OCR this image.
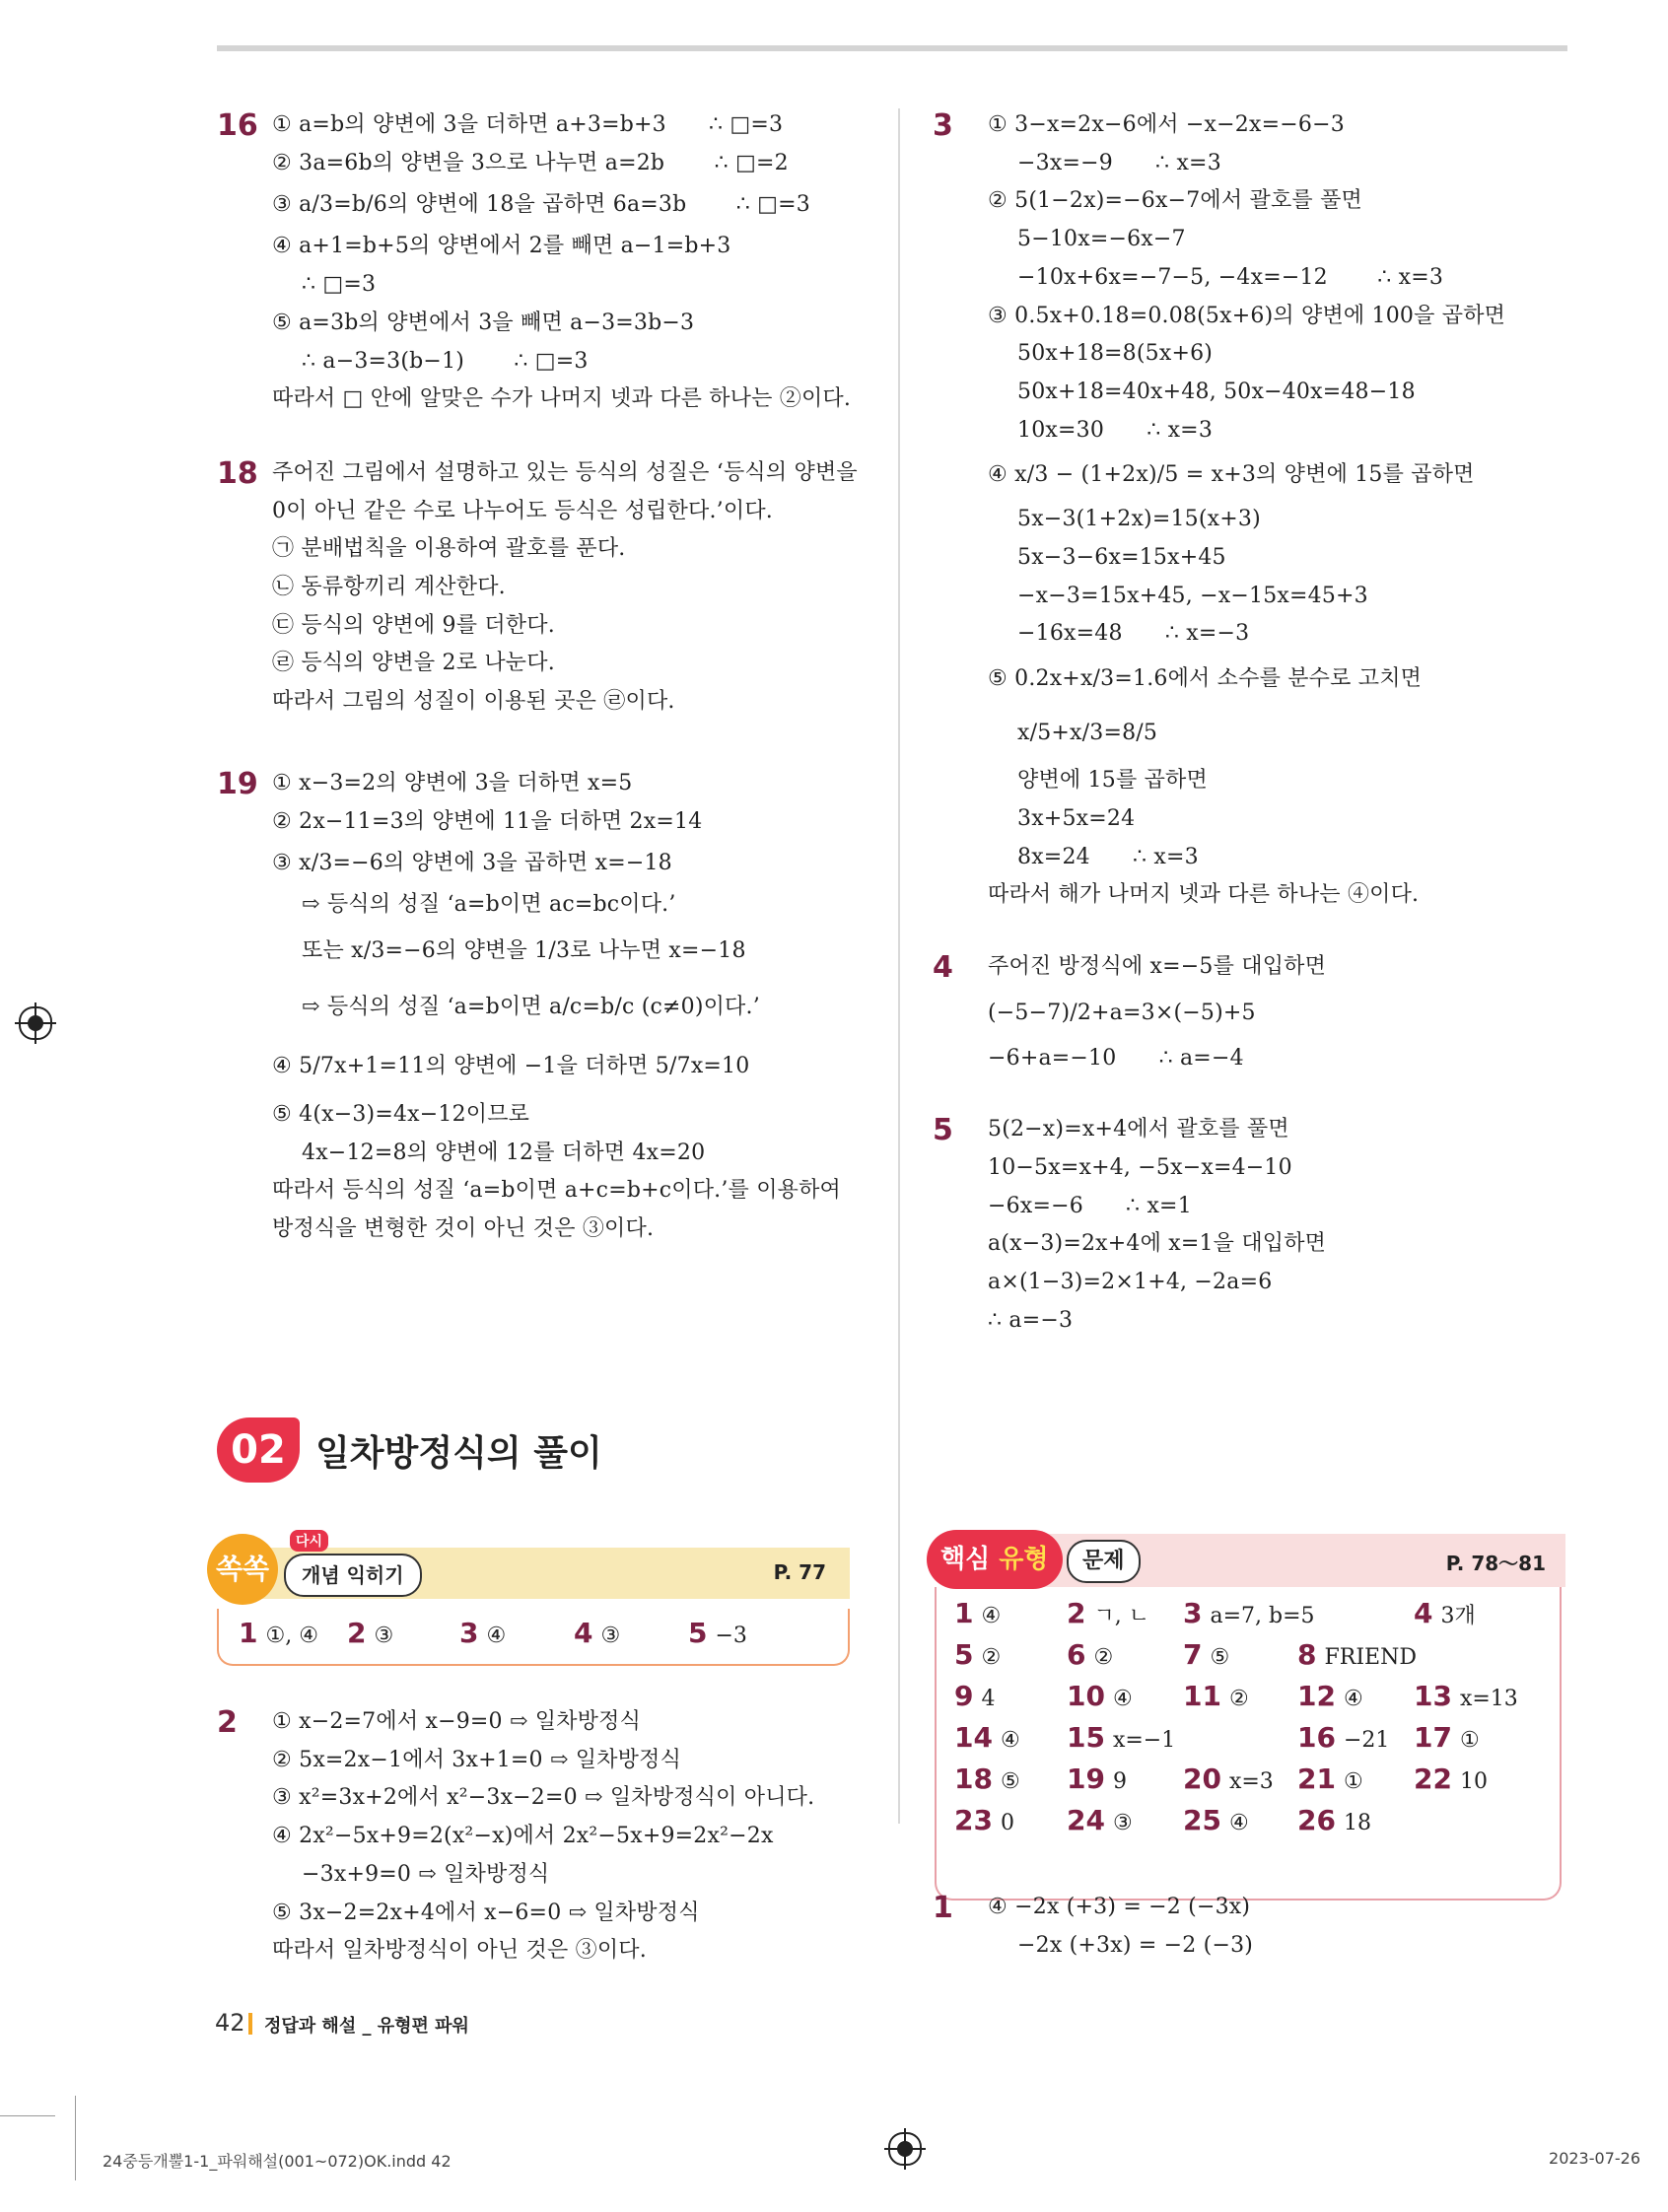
16 ① a=b의 양변에 3을 더하면 a+3=b+3      ∴ □=3
② 3a=6b의 양변을 3으로 나누면 a=2b       ∴ □=2
③ a/3=b/6의 양변에 18을 곱하면 6a=3b       ∴ □=3
④ a+1=b+5의 양변에서 2를 빼면 a−1=b+3
∴ □=3
⑤ a=3b의 양변에서 3을 빼면 a−3=3b−3
∴ a−3=3(b−1)       ∴ □=3
따라서 □ 안에 알맞은 수가 나머지 넷과 다른 하나는 ②이다.
18 주어진 그림에서 설명하고 있는 등식의 성질은 ‘등식의 양변을
0이 아닌 같은 수로 나누어도 등식은 성립한다.’이다.
㉠ 분배법칙을 이용하여 괄호를 푼다.
㉡ 동류항끼리 계산한다.
㉢ 등식의 양변에 9를 더한다.
㉣ 등식의 양변을 2로 나눈다.
따라서 그림의 성질이 이용된 곳은 ㉣이다.
19 ① x−3=2의 양변에 3을 더하면 x=5
② 2x−11=3의 양변에 11을 더하면 2x=14
③ x/3=−6의 양변에 3을 곱하면 x=−18
⇨ 등식의 성질 ‘a=b이면 ac=bc이다.’
또는 x/3=−6의 양변을 1/3로 나누면 x=−18
⇨ 등식의 성질 ‘a=b이면 a/c=b/c (c≠0)이다.’
④ 5/7x+1=11의 양변에 −1을 더하면 5/7x=10
⑤ 4(x−3)=4x−12이므로
4x−12=8의 양변에 12를 더하면 4x=20
따라서 등식의 성질 ‘a=b이면 a+c=b+c이다.’를 이용하여
방정식을 변형한 것이 아닌 것은 ③이다.
02 일차방정식의 풀이
쏙쏙
다시
개념 익히기	P. 77
1 ①, ④ 2 ③ 3 ④ 4 ③ 5 −3
2 ① x−2=7에서 x−9=0 ⇨ 일차방정식
② 5x=2x−1에서 3x+1=0 ⇨ 일차방정식
③ x²=3x+2에서 x²−3x−2=0 ⇨ 일차방정식이 아니다.
④ 2x²−5x+9=2(x²−x)에서 2x²−5x+9=2x²−2x
−3x+9=0 ⇨ 일차방정식
⑤ 3x−2=2x+4에서 x−6=0 ⇨ 일차방정식
따라서 일차방정식이 아닌 것은 ③이다.
3 ① 3−x=2x−6에서 −x−2x=−6−3
−3x=−9      ∴ x=3
② 5(1−2x)=−6x−7에서 괄호를 풀면
5−10x=−6x−7
−10x+6x=−7−5, −4x=−12       ∴ x=3
③ 0.5x+0.18=0.08(5x+6)의 양변에 100을 곱하면
50x+18=8(5x+6)
50x+18=40x+48, 50x−40x=48−18
10x=30      ∴ x=3
④ x/3 − (1+2x)/5 = x+3의 양변에 15를 곱하면
5x−3(1+2x)=15(x+3)
5x−3−6x=15x+45
−x−3=15x+45, −x−15x=45+3
−16x=48      ∴ x=−3
⑤ 0.2x+x/3=1.6에서 소수를 분수로 고치면
x/5+x/3=8/5
양변에 15를 곱하면
3x+5x=24
8x=24      ∴ x=3
따라서 해가 나머지 넷과 다른 하나는 ④이다.
4 주어진 방정식에 x=−5를 대입하면
(−5−7)/2+a=3×(−5)+5
−6+a=−10      ∴ a=−4
5 5(2−x)=x+4에서 괄호를 풀면
10−5x=x+4, −5x−x=4−10
−6x=−6      ∴ x=1
a(x−3)=2x+4에 x=1을 대입하면
a×(1−3)=2×1+4, −2a=6
∴ a=−3
핵심 유형	문제	P. 78～81
1 ④ 2 ㄱ, ㄴ 3 a=7, b=5	4 3개
5 ② 6 ②	7 ⑤ 8 FRIEND
9 4	10 ④ 11 ② 12 ④ 13 x=13
14 ④ 15 x=−1	16 −21 17 ①
18 ⑤ 19 9 20 x=3 21 ① 22 10
23 0 24 ③ 25 ④ 26 18
1 ④ −2x (+3) = −2 (−3x)
−2x (+3x) = −2 (−3)
42 정답과 해설 _ 유형편 파워
24중등개뿔1-1_파워해설(001~072)OK.indd 42	2023-07-26
